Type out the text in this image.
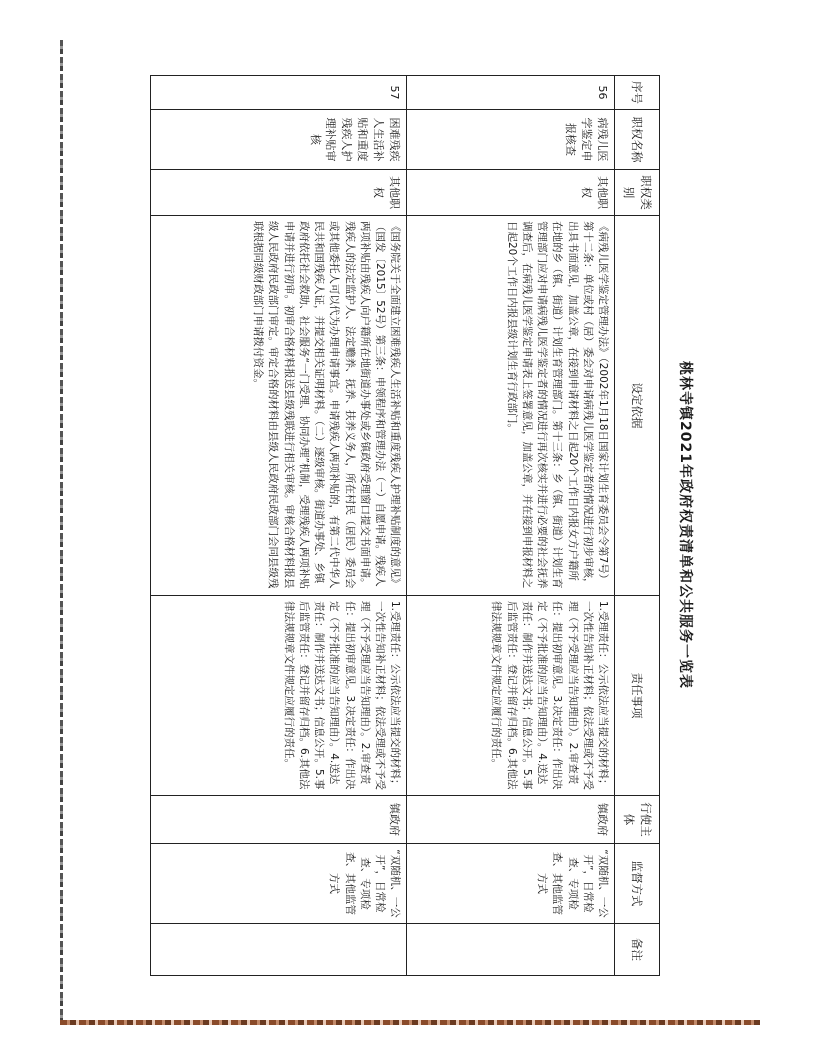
桃林寺镇2021年政府权责清单和公共服务一览表
序号	职权名称	职权类别	设定依据	责任事项	行使主体	监督方式	备注
56	病残儿医学鉴定申报核查	其他职权	《病残儿医学鉴定管理办法》（2002年1月18日国家计划生育委员会令第7号）第十二条：单位或村（居）委会对申请病残儿医学鉴定者的情况进行初步审核，出具书面意见，加盖公章，在接到申请材料之日起20个工作日内报女方户籍所在地的乡（镇、街道）计划生育管理部门。第十三条：乡（镇、街道）计划生育管理部门应对申请病残儿医学鉴定者的情况进行再次核实并进行必要的社会抚养调查后，在病残儿医学鉴定申请表上签署意见，加盖公章，并在接到申报材料之日起20个工作日内报县级计划生育行政部门。	1.受理责任：公示依法应当提交的材料；一次性告知补正材料；依法受理或不予受理（不予受理应当告知理由）。2.审查责任：提出初审意见。3.决定责任：作出决定（不予批准的应当告知理由）。4.送达责任：制作并送达文书；信息公开。5.事后监管责任：登记并留存归档。6.其他法律法规规章文件规定应履行的责任。	镇政府	“双随机、一公开”，日常检查、专项检查、其他监管方式	
57	困难残疾人生活补贴和重度残疾人护理补贴审核	其他职权	《国务院关于全面建立困难残疾人生活补贴和重度残疾人护理补贴制度的意见》（国发〔2015〕52号）第三条：申领程序和管理办法（一）自愿申请。残疾人两项补贴由残疾人向户籍所在地街道办事处或乡镇政府受理窗口提交书面申请。残疾人的法定监护人、法定赡养、抚养、扶养义务人，所在村民（居民）委员会或其他委托人可以代为办理申请事宜。申请残疾人两项补贴的，有第二代中华人民共和国残疾人证，并提交相关证明材料。（二）逐级审核。街道办事处、乡镇政府依托社会救助、社会服务“一门受理、协同办理”机制，受理残疾人两项补贴申请并进行初审。初审合格材料报送县级残联进行相关审核。审核合格材料报县级人民政府民政部门审定。审定合格的材料由县级人民政府民政部门会同县级残联根据同级财政部门申请拨付资金。	1.受理责任：公示依法应当提交的材料；一次性告知补正材料；依法受理或不予受理（不予受理应当告知理由）。2.审查责任：提出初审意见。3.决定责任：作出决定（不予批准的应当告知理由）。4.送达责任：制作并送达文书；信息公开。5.事后监管责任：登记并留存归档。6.其他法律法规规章文件规定应履行的责任。	镇政府	“双随机、一公开”，日常检查、专项检查、其他监管方式	
